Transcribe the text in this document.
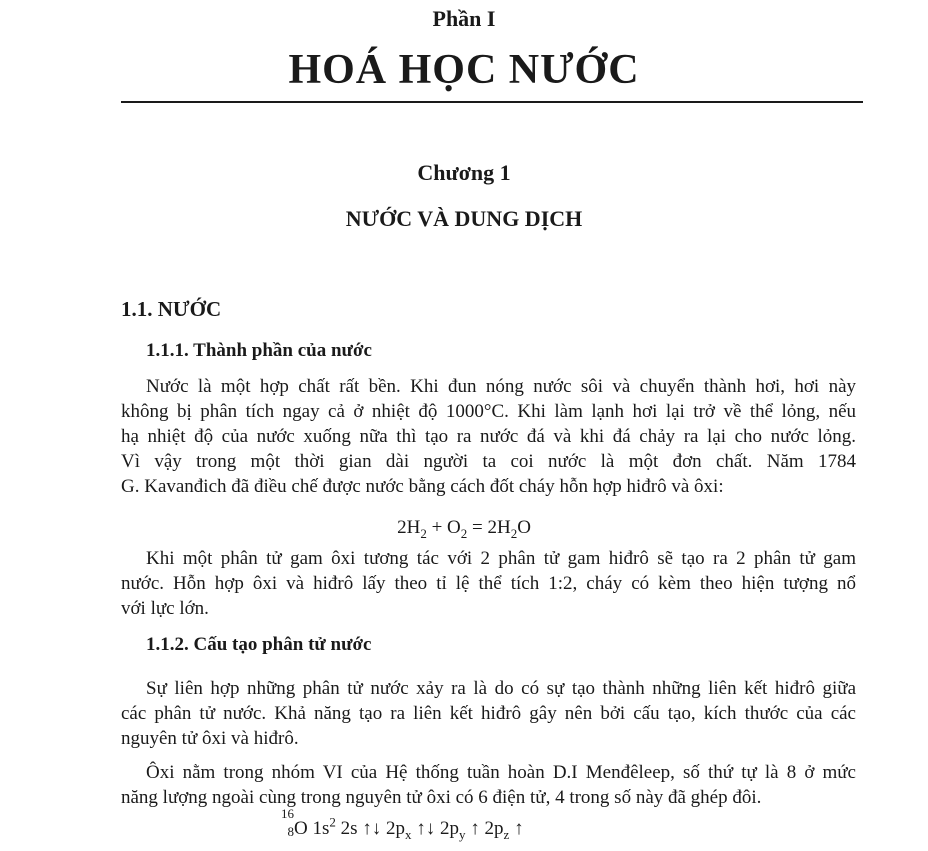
Phần I
HOÁ HỌC NƯỚC
Chương 1
NƯỚC VÀ DUNG DỊCH
1.1. NƯỚC
1.1.1. Thành phần của nước
Nước là một hợp chất rất bền. Khi đun nóng nước sôi và chuyển thành hơi, hơi này
không bị phân tích ngay cả ở nhiệt độ 1000°C. Khi làm lạnh hơi lại trở về thể lỏng, nếu
hạ nhiệt độ của nước xuống nữa thì tạo ra nước đá và khi đá chảy ra lại cho nước lỏng.
Vì vậy trong một thời gian dài người ta coi nước là một đơn chất. Năm 1784
G. Kavanđich đã điều chế được nước bằng cách đốt cháy hỗn hợp hiđrô và ôxi:
$2H_2 + O_2 = 2H_2O$
Khi một phân tử gam ôxi tương tác với 2 phân tử gam hiđrô sẽ tạo ra 2 phân tử gam
nước. Hỗn hợp ôxi và hiđrô lấy theo tỉ lệ thể tích 1:2, cháy có kèm theo hiện tượng nổ
với lực lớn.
1.1.2. Cấu tạo phân tử nước
Sự liên hợp những phân tử nước xảy ra là do có sự tạo thành những liên kết hiđrô giữa
các phân tử nước. Khả năng tạo ra liên kết hiđrô gây nên bởi cấu tạo, kích thước của các
nguyên tử ôxi và hiđrô.
Ôxi nằm trong nhóm VI của Hệ thống tuần hoàn D.I Menđêleep, số thứ tự là 8 ở mức
năng lượng ngoài cùng trong nguyên tử ôxi có 6 điện tử, 4 trong số này đã ghép đôi.
16
8 O $1s^2$ 2s ↑↓ $2p_x$ ↑↓ $2p_y$ ↑ $2p_z$ ↑
